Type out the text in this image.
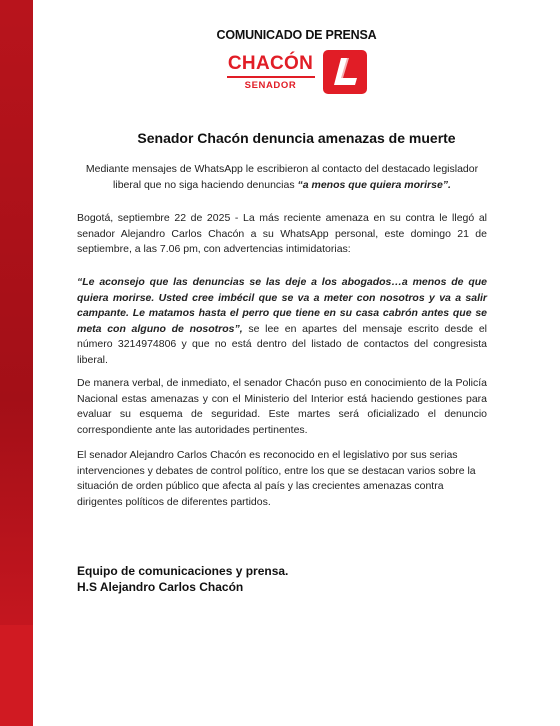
COMUNICADO DE PRENSA
CHACÓN
SENADOR
Senador Chacón denuncia amenazas de muerte
Mediante mensajes de WhatsApp le escribieron al contacto del destacado legislador liberal que no siga haciendo denuncias “a menos que quiera morirse”.
Bogotá, septiembre 22 de 2025 - La más reciente amenaza en su contra le llegó al senador Alejandro Carlos Chacón a su WhatsApp personal, este domingo 21 de septiembre, a las 7.06 pm, con advertencias intimidatorias:
“Le aconsejo que las denuncias se las deje a los abogados…a menos de que quiera morirse. Usted cree imbécil que se va a meter con nosotros y va a salir campante. Le matamos hasta el perro que tiene en su casa cabrón antes que se meta con alguno de nosotros”, se lee en apartes del mensaje escrito desde el número 3214974806 y que no está dentro del listado de contactos del congresista liberal.
De manera verbal, de inmediato, el senador Chacón puso en conocimiento de la Policía Nacional estas amenazas y con el Ministerio del Interior está haciendo gestiones para evaluar su esquema de seguridad. Este martes será oficializado el denuncio correspondiente ante las autoridades pertinentes.
El senador Alejandro Carlos Chacón es reconocido en el legislativo por sus serias intervenciones y debates de control político, entre los que se destacan varios sobre la situación de orden público que afecta al país y las crecientes amenazas contra dirigentes políticos de diferentes partidos.
Equipo de comunicaciones y prensa.
H.S Alejandro Carlos Chacón
